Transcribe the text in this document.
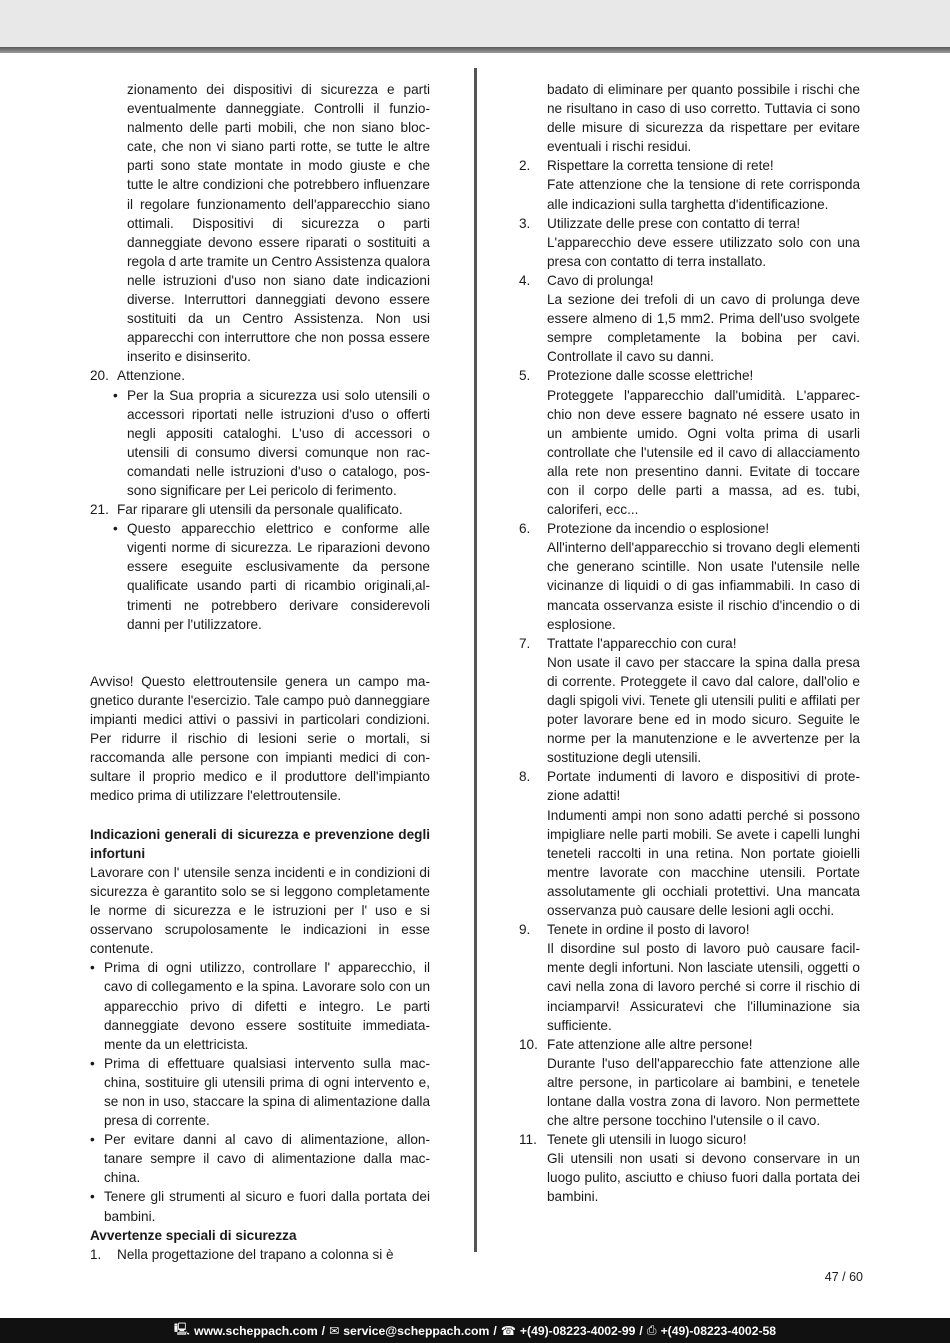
zionamento dei dispositivi di sicurezza e parti eventualmente danneggiate. Controlli il funzionalmento delle parti mobili, che non siano bloccate, che non vi siano parti rotte, se tutte le altre parti sono state montate in modo giuste e che tutte le altre condizioni che potrebbero influenzare il regolare funzionamento dell'apparecchio siano ottimali. Dispositivi di sicurezza o parti danneggiate devono essere riparati o sostituiti a regola d arte tramite un Centro Assistenza qualora nelle istruzioni d'uso non siano date indicazioni diverse. Interruttori danneggiati devono essere sostituiti da un Centro Assistenza. Non usi apparecchi con interruttore che non possa essere inserito e disinserito.

20. Attenzione.
• Per la Sua propria a sicurezza usi solo utensili o accessori riportati nelle istruzioni d'uso o offerti negli appositi cataloghi. L'uso di accessori o utensili di consumo diversi comunque non raccomandati nelle istruzioni d'uso o catalogo, possono significare per Lei pericolo di ferimento.
21. Far riparare gli utensili da personale qualificato.
• Questo apparecchio elettrico e conforme alle vigenti norme di sicurezza. Le riparazioni devono essere eseguite esclusivamente da persone qualificate usando parti di ricambio originali,altrimenti ne potrebbero derivare considerevoli danni per l'utilizzatore.

Avviso! Questo elettroutensile genera un campo magnetico durante l'esercizio. Tale campo può danneggiare impianti medici attivi o passivi in particolari condizioni. Per ridurre il rischio di lesioni serie o mortali, si raccomanda alle persone con impianti medici di consultare il proprio medico e il produttore dell'impianto medico prima di utilizzare l'elettroutensile.

Indicazioni generali di sicurezza e prevenzione degli infortuni

Lavorare con l' utensile senza incidenti e in condizioni di sicurezza è garantito solo se si leggono completamente le norme di sicurezza e le istruzioni per l' uso e si osservano scrupolosamente le indicazioni in esse contenute.

• Prima di ogni utilizzo, controllare l' apparecchio, il cavo di collegamento e la spina. Lavorare solo con un apparecchio privo di difetti e integro. Le parti danneggiate devono essere sostituite immediatamente da un elettricista.
• Prima di effettuare qualsiasi intervento sulla macchina, sostituire gli utensili prima di ogni intervento e, se non in uso, staccare la spina di alimentazione dalla presa di corrente.
• Per evitare danni al cavo di alimentazione, allontanare sempre il cavo di alimentazione dalla macchina.
• Tenere gli strumenti al sicuro e fuori dalla portata dei bambini.

Avvertenze speciali di sicurezza

1. Nella progettazione del trapano a colonna si è

badato di eliminare per quanto possibile i rischi che ne risultano in caso di uso corretto. Tuttavia ci sono delle misure di sicurezza da rispettare per evitare eventuali i rischi residui.

2. Rispettare la corretta tensione di rete!
Fate attenzione che la tensione di rete corrisponda alle indicazioni sulla targhetta d'identificazione.
3. Utilizzate delle prese con contatto di terra!
L'apparecchio deve essere utilizzato solo con una presa con contatto di terra installato.
4. Cavo di prolunga!
La sezione dei trefoli di un cavo di prolunga deve essere almeno di 1,5 mm2. Prima dell'uso svolgete sempre completamente la bobina per cavi. Controllate il cavo su danni.
5. Protezione dalle scosse elettriche!
Proteggete l'apparecchio dall'umidità. L'apparecchio non deve essere bagnato né essere usato in un ambiente umido. Ogni volta prima di usarli controllate che l'utensile ed il cavo di allacciamento alla rete non presentino danni. Evitate di toccare con il corpo delle parti a massa, ad es. tubi, caloriferi, ecc...
6. Protezione da incendio o esplosione!
All'interno dell'apparecchio si trovano degli elementi che generano scintille. Non usate l'utensile nelle vicinanze di liquidi o di gas infiammabili. In caso di mancata osservanza esiste il rischio d'incendio o di esplosione.
7. Trattate l'apparecchio con cura!
Non usate il cavo per staccare la spina dalla presa di corrente. Proteggete il cavo dal calore, dall'olio e dagli spigoli vivi. Tenete gli utensili puliti e affilati per poter lavorare bene ed in modo sicuro. Seguite le norme per la manutenzione e le avvertenze per la sostituzione degli utensili.
8. Portate indumenti di lavoro e dispositivi di protezione adatti!
Indumenti ampi non sono adatti perché si possono impigliare nelle parti mobili. Se avete i capelli lunghi teneteli raccolti in una retina. Non portate gioielli mentre lavorate con macchine utensili. Portate assolutamente gli occhiali protettivi. Una mancata osservanza può causare delle lesioni agli occhi.
9. Tenete in ordine il posto di lavoro!
Il disordine sul posto di lavoro può causare facilmente degli infortuni. Non lasciate utensili, oggetti o cavi nella zona di lavoro perché si corre il rischio di inciamparvi! Assicuratevi che l'illuminazione sia sufficiente.
10. Fate attenzione alle altre persone!
Durante l'uso dell'apparecchio fate attenzione alle altre persone, in particolare ai bambini, e tenetele lontane dalla vostra zona di lavoro. Non permettete che altre persone tocchino l'utensile o il cavo.
11. Tenete gli utensili in luogo sicuro!
Gli utensili non usati si devono conservare in un luogo pulito, asciutto e chiuso fuori dalla portata dei bambini.
47 / 60
🖳 www.scheppach.com / ✉ service@scheppach.com / ☎ +(49)-08223-4002-99 / ⎙ +(49)-08223-4002-58
